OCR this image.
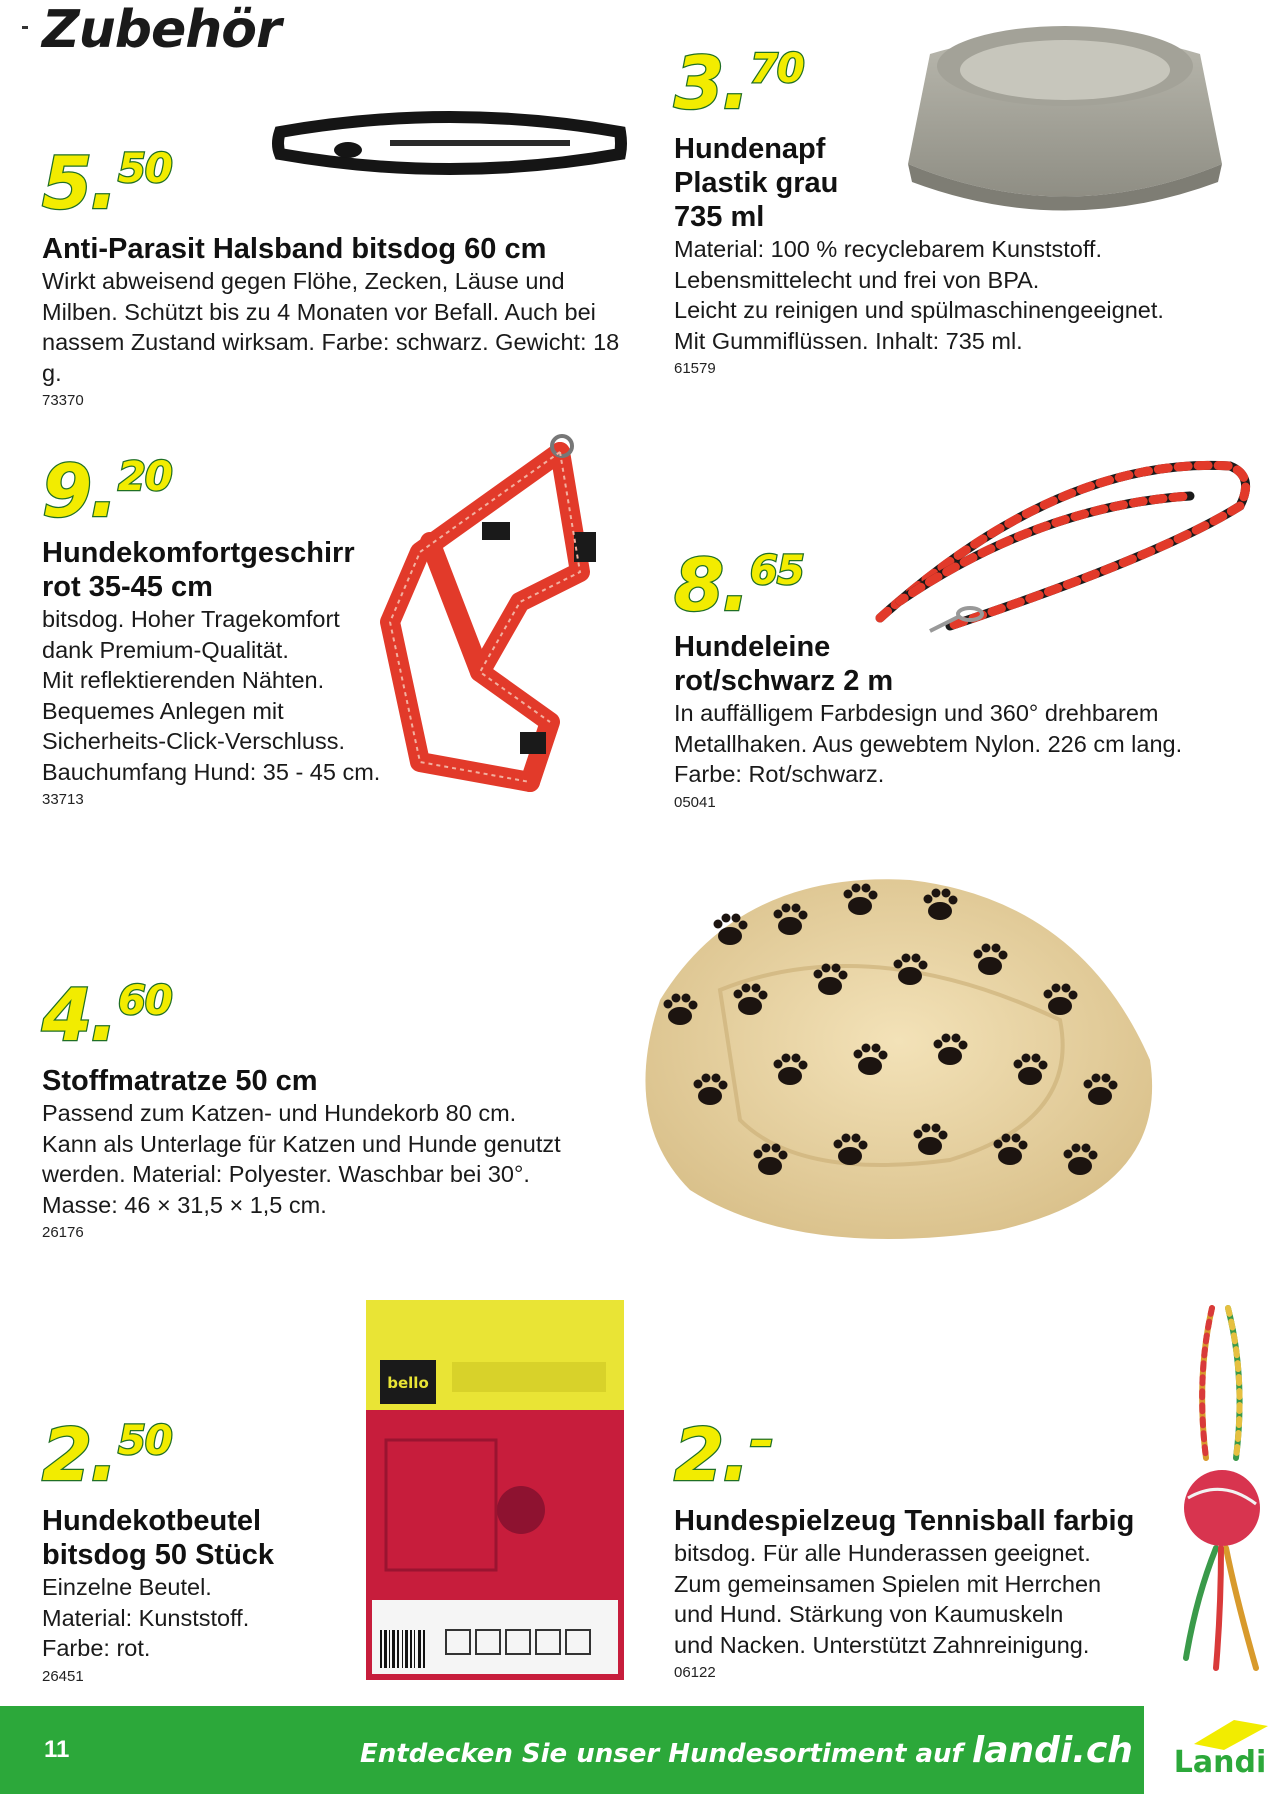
Zubehör
5. 50
Anti-Parasit Halsband bitsdog 60 cm
Wirkt abweisend gegen Flöhe, Zecken, Läuse und
Milben. Schützt bis zu 4 Monaten vor Befall. Auch bei
nassem Zustand wirksam. Farbe: schwarz. Gewicht: 18 g.
73370
3. 70
Hundenapf
Plastik grau
735 ml
Material: 100 % recyclebarem Kunststoff.
Lebensmittelecht und frei von BPA.
Leicht zu reinigen und spülmaschinengeeignet.
Mit Gummiflüssen. Inhalt: 735 ml.
61579
9. 20
Hundekomfortgeschirr
rot 35-45 cm
bitsdog. Hoher Tragekomfort
dank Premium-Qualität.
Mit reflektierenden Nähten.
Bequemes Anlegen mit
Sicherheits-Click-Verschluss.
Bauchumfang Hund: 35 - 45 cm.
33713
8. 65
Hundeleine
rot/schwarz 2 m
In auffälligem Farbdesign und 360° drehbarem
Metallhaken. Aus gewebtem Nylon. 226 cm lang.
Farbe: Rot/schwarz.
05041
4. 60
Stoffmatratze 50 cm
Passend zum Katzen- und Hundekorb 80 cm.
Kann als Unterlage für Katzen und Hunde genutzt
werden. Material: Polyester. Waschbar bei 30°.
Masse: 46 × 31,5 × 1,5 cm.
26176
2. 50
Hundekotbeutel
bitsdog 50 Stück
Einzelne Beutel.
Material: Kunststoff.
Farbe: rot.
26451
bello
2. –
Hundespielzeug Tennisball farbig
bitsdog. Für alle Hunderassen geeignet.
Zum gemeinsamen Spielen mit Herrchen
und Hund. Stärkung von Kaumuskeln
und Nacken. Unterstützt Zahnreinigung.
06122
11	Entdecken Sie unser Hundesortiment auf landi.ch Landi
